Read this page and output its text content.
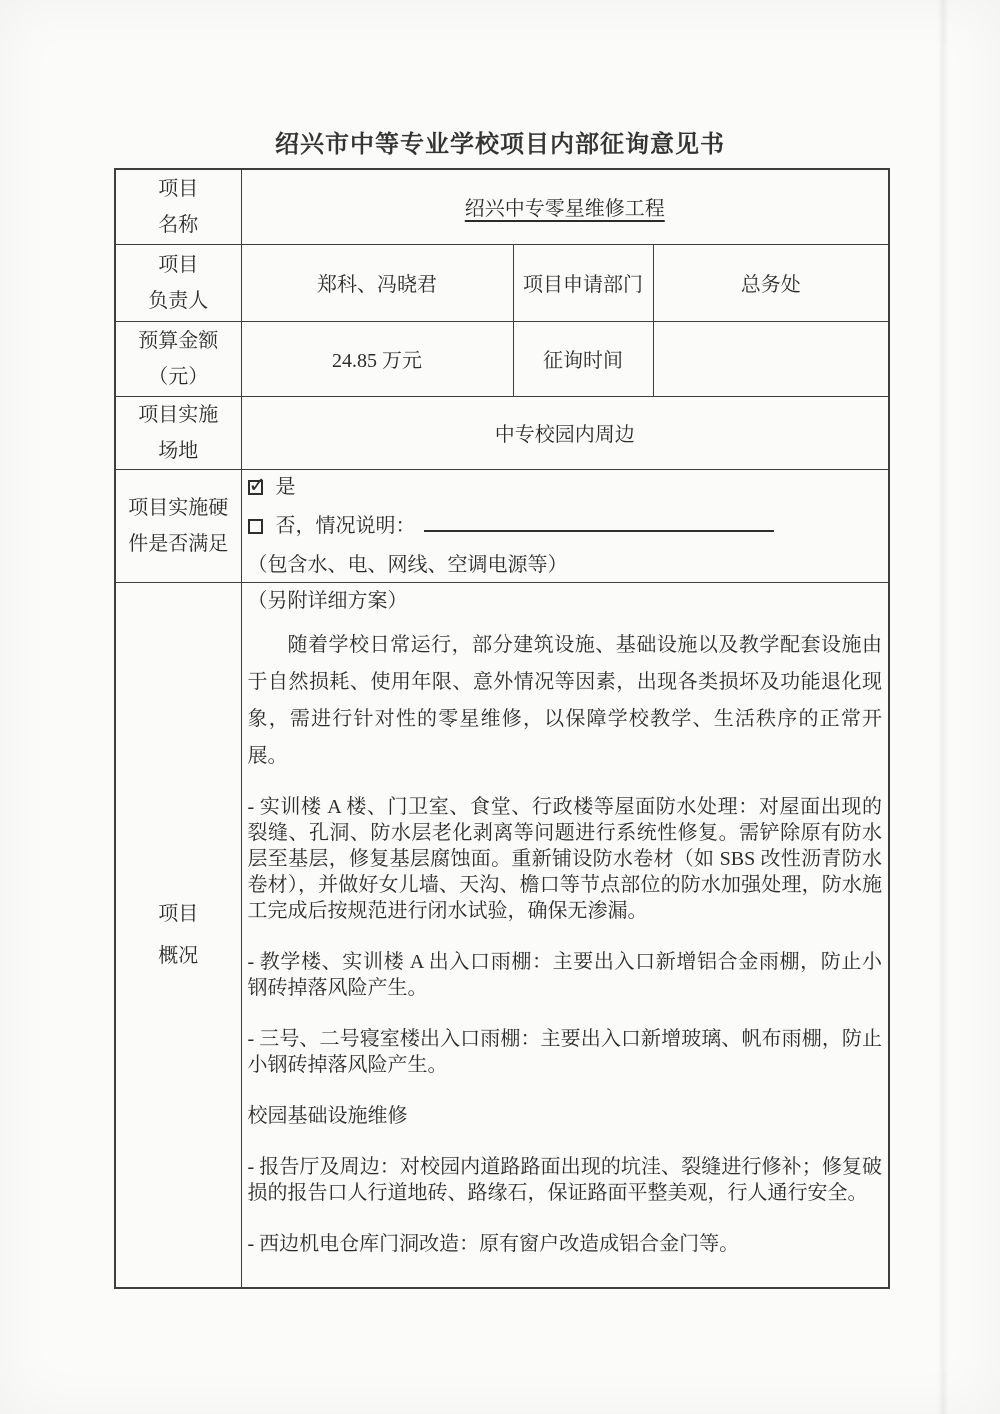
绍兴市中等专业学校项目内部征询意见书
项目
名称	绍兴中专零星维修工程		

项目
负责人	郑科、冯晓君	项目申请部门	总务处

预算金额
（元）	24.85 万元	征询时间	

项目实施
场地	中专校园内周边		

项目实施硬
件是否满足

✓ 是
否，情况说明：
（包含水、电、网线、空调电源等）

项目
概况

（另附详细方案）

随着学校日常运行，部分建筑设施、基础设施以及教学配套设施由于自然损耗、使用年限、意外情况等因素，出现各类损坏及功能退化现象，需进行针对性的零星维修，以保障学校教学、生活秩序的正常开展。

- 实训楼 A 楼、门卫室、食堂、行政楼等屋面防水处理：对屋面出现的裂缝、孔洞、防水层老化剥离等问题进行系统性修复。需铲除原有防水层至基层，修复基层腐蚀面。重新铺设防水卷材（如 SBS 改性沥青防水卷材），并做好女儿墙、天沟、檐口等节点部位的防水加强处理，防水施工完成后按规范进行闭水试验，确保无渗漏。

- 教学楼、实训楼 A 出入口雨棚：主要出入口新增铝合金雨棚，防止小钢砖掉落风险产生。

- 三号、二号寝室楼出入口雨棚：主要出入口新增玻璃、帆布雨棚，防止小钢砖掉落风险产生。

校园基础设施维修

- 报告厅及周边：对校园内道路路面出现的坑洼、裂缝进行修补；修复破损的报告口人行道地砖、路缘石，保证路面平整美观，行人通行安全。

- 西边机电仓库门洞改造：原有窗户改造成铝合金门等。
